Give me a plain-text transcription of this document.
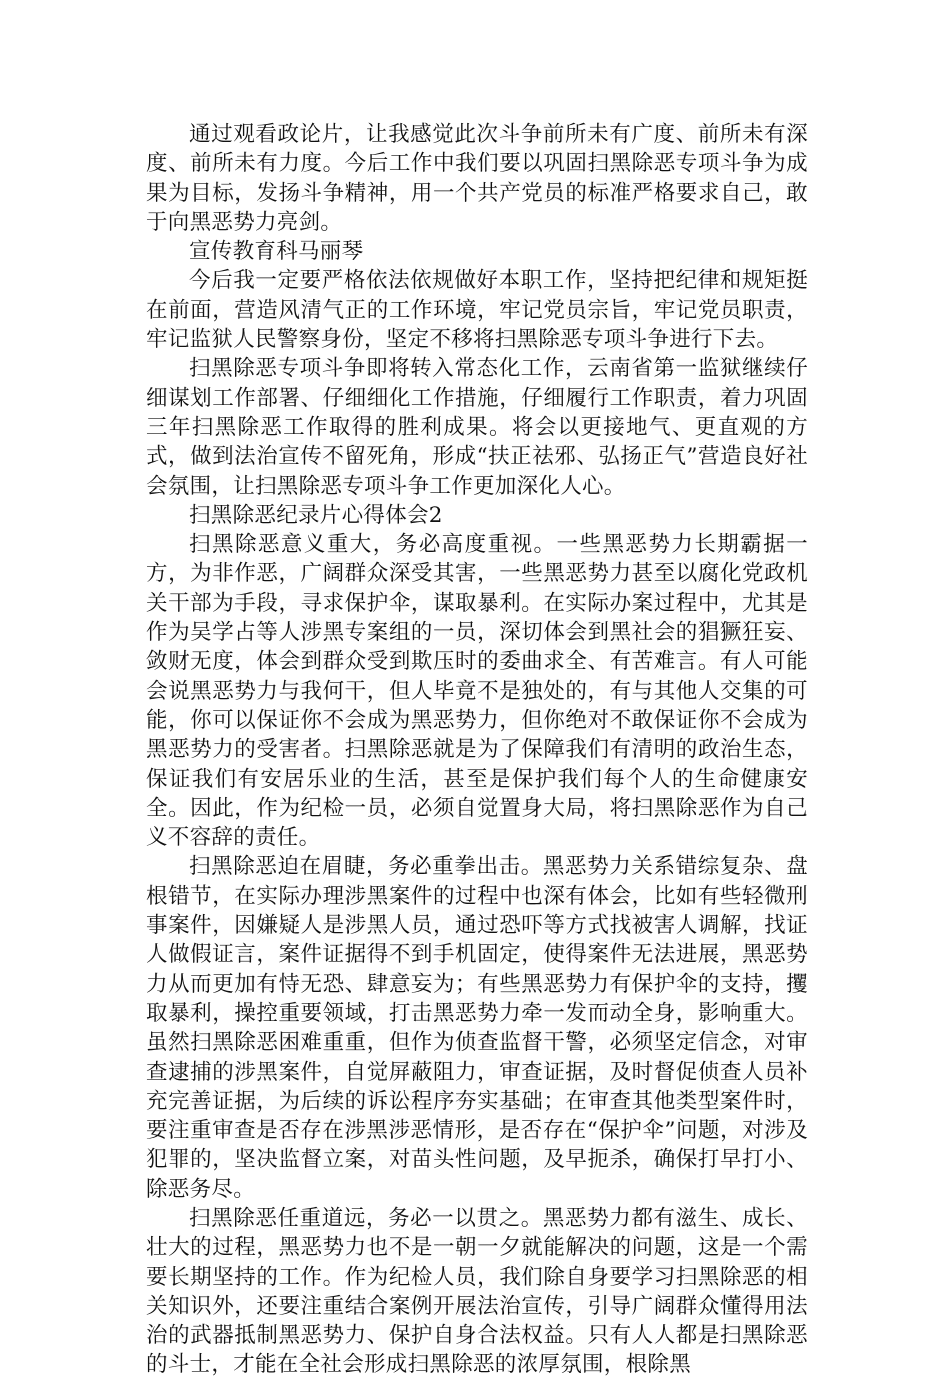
通过观看政论片，让我感觉此次斗争前所未有广度、前所未有深度、前所未有力度。今后工作中我们要以巩固扫黑除恶专项斗争为成果为目标，发扬斗争精神，用一个共产党员的标准严格要求自己，敢于向黑恶势力亮剑。

宣传教育科马丽琴

今后我一定要严格依法依规做好本职工作，坚持把纪律和规矩挺在前面，营造风清气正的工作环境，牢记党员宗旨，牢记党员职责，牢记监狱人民警察身份，坚定不移将扫黑除恶专项斗争进行下去。

扫黑除恶专项斗争即将转入常态化工作，云南省第一监狱继续仔细谋划工作部署、仔细细化工作措施，仔细履行工作职责，着力巩固三年扫黑除恶工作取得的胜利成果。将会以更接地气、更直观的方式，做到法治宣传不留死角，形成“扶正祛邪、弘扬正气”营造良好社会氛围，让扫黑除恶专项斗争工作更加深化人心。

扫黑除恶纪录片心得体会2

扫黑除恶意义重大，务必高度重视。一些黑恶势力长期霸据一方，为非作恶，广阔群众深受其害，一些黑恶势力甚至以腐化党政机关干部为手段，寻求保护伞，谋取暴利。在实际办案过程中，尤其是作为吴学占等人涉黑专案组的一员，深切体会到黑社会的猖獗狂妄、敛财无度，体会到群众受到欺压时的委曲求全、有苦难言。有人可能会说黑恶势力与我何干，但人毕竟不是独处的，有与其他人交集的可能，你可以保证你不会成为黑恶势力，但你绝对不敢保证你不会成为黑恶势力的受害者。扫黑除恶就是为了保障我们有清明的政治生态，保证我们有安居乐业的生活，甚至是保护我们每个人的生命健康安全。因此，作为纪检一员，必须自觉置身大局，将扫黑除恶作为自己义不容辞的责任。

扫黑除恶迫在眉睫，务必重拳出击。黑恶势力关系错综复杂、盘根错节，在实际办理涉黑案件的过程中也深有体会，比如有些轻微刑事案件，因嫌疑人是涉黑人员，通过恐吓等方式找被害人调解，找证人做假证言，案件证据得不到手机固定，使得案件无法进展，黑恶势力从而更加有恃无恐、肆意妄为；有些黑恶势力有保护伞的支持，攫取暴利，操控重要领域，打击黑恶势力牵一发而动全身，影响重大。虽然扫黑除恶困难重重，但作为侦查监督干警，必须坚定信念，对审查逮捕的涉黑案件，自觉屏蔽阻力，审查证据，及时督促侦查人员补充完善证据，为后续的诉讼程序夯实基础；在审查其他类型案件时，要注重审查是否存在涉黑涉恶情形，是否存在“保护伞”问题，对涉及犯罪的，坚决监督立案，对苗头性问题，及早扼杀，确保打早打小、除恶务尽。

扫黑除恶任重道远，务必一以贯之。黑恶势力都有滋生、成长、壮大的过程，黑恶势力也不是一朝一夕就能解决的问题，这是一个需要长期坚持的工作。作为纪检人员，我们除自身要学习扫黑除恶的相关知识外，还要注重结合案例开展法治宣传，引导广阔群众懂得用法治的武器抵制黑恶势力、保护自身合法权益。只有人人都是扫黑除恶的斗士，才能在全社会形成扫黑除恶的浓厚氛围，根除黑
